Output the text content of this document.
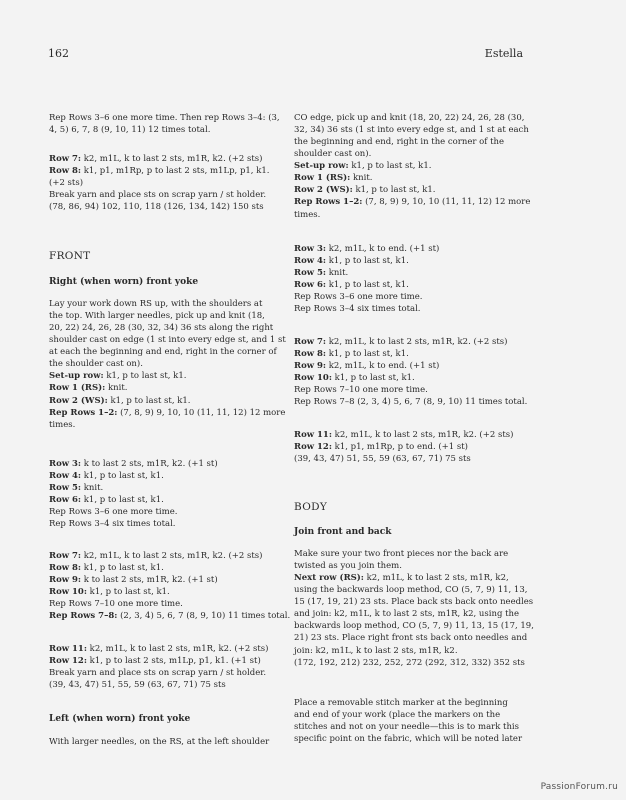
162	Estella
Rep Rows 3–6 one more time. Then rep Rows 3–4: (3,
4, 5) 6, 7, 8 (9, 10, 11) 12 times total.
Row 7: k2, m1L, k to last 2 sts, m1R, k2. (+2 sts)
Row 8: k1, p1, m1Rp, p to last 2 sts, m1Lp, p1, k1.
(+2 sts)
Break yarn and place sts on scrap yarn / st holder.
(78, 86, 94) 102, 110, 118 (126, 134, 142) 150 sts
FRONT
Right (when worn) front yoke
Lay your work down RS up, with the shoulders at
the top. With larger needles, pick up and knit (18,
20, 22) 24, 26, 28 (30, 32, 34) 36 sts along the right
shoulder cast on edge (1 st into every edge st, and 1 st
at each the beginning and end, right in the corner of
the shoulder cast on).
Set-up row: k1, p to last st, k1.
Row 1 (RS): knit.
Row 2 (WS): k1, p to last st, k1.
Rep Rows 1–2: (7, 8, 9) 9, 10, 10 (11, 11, 12) 12 more
times.
Row 3: k to last 2 sts, m1R, k2. (+1 st)
Row 4: k1, p to last st, k1.
Row 5: knit.
Row 6: k1, p to last st, k1.
Rep Rows 3–6 one more time.
Rep Rows 3–4 six times total.
Row 7: k2, m1L, k to last 2 sts, m1R, k2. (+2 sts)
Row 8: k1, p to last st, k1.
Row 9: k to last 2 sts, m1R, k2. (+1 st)
Row 10: k1, p to last st, k1.
Rep Rows 7–10 one more time.
Rep Rows 7–8: (2, 3, 4) 5, 6, 7 (8, 9, 10) 11 times total.
Row 11: k2, m1L, k to last 2 sts, m1R, k2. (+2 sts)
Row 12: k1, p to last 2 sts, m1Lp, p1, k1. (+1 st)
Break yarn and place sts on scrap yarn / st holder.
(39, 43, 47) 51, 55, 59 (63, 67, 71) 75 sts
Left (when worn) front yoke
With larger needles, on the RS, at the left shoulder
CO edge, pick up and knit (18, 20, 22) 24, 26, 28 (30,
32, 34) 36 sts (1 st into every edge st, and 1 st at each
the beginning and end, right in the corner of the
shoulder cast on).
Set-up row: k1, p to last st, k1.
Row 1 (RS): knit.
Row 2 (WS): k1, p to last st, k1.
Rep Rows 1–2: (7, 8, 9) 9, 10, 10 (11, 11, 12) 12 more
times.
Row 3: k2, m1L, k to end. (+1 st)
Row 4: k1, p to last st, k1.
Row 5: knit.
Row 6: k1, p to last st, k1.
Rep Rows 3–6 one more time.
Rep Rows 3–4 six times total.
Row 7: k2, m1L, k to last 2 sts, m1R, k2. (+2 sts)
Row 8: k1, p to last st, k1.
Row 9: k2, m1L, k to end. (+1 st)
Row 10: k1, p to last st, k1.
Rep Rows 7–10 one more time.
Rep Rows 7–8 (2, 3, 4) 5, 6, 7 (8, 9, 10) 11 times total.
Row 11: k2, m1L, k to last 2 sts, m1R, k2. (+2 sts)
Row 12: k1, p1, m1Rp, p to end. (+1 st)
(39, 43, 47) 51, 55, 59 (63, 67, 71) 75 sts
BODY
Join front and back
Make sure your two front pieces nor the back are
twisted as you join them.
Next row (RS): k2, m1L, k to last 2 sts, m1R, k2,
using the backwards loop method, CO (5, 7, 9) 11, 13,
15 (17, 19, 21) 23 sts. Place back sts back onto needles
and join: k2, m1L, k to last 2 sts, m1R, k2, using the
backwards loop method, CO (5, 7, 9) 11, 13, 15 (17, 19,
21) 23 sts. Place right front sts back onto needles and
join: k2, m1L, k to last 2 sts, m1R, k2.
(172, 192, 212) 232, 252, 272 (292, 312, 332) 352 sts
Place a removable stitch marker at the beginning
and end of your work (place the markers on the
stitches and not on your needle—this is to mark this
specific point on the fabric, which will be noted later
PassionForum.ru
